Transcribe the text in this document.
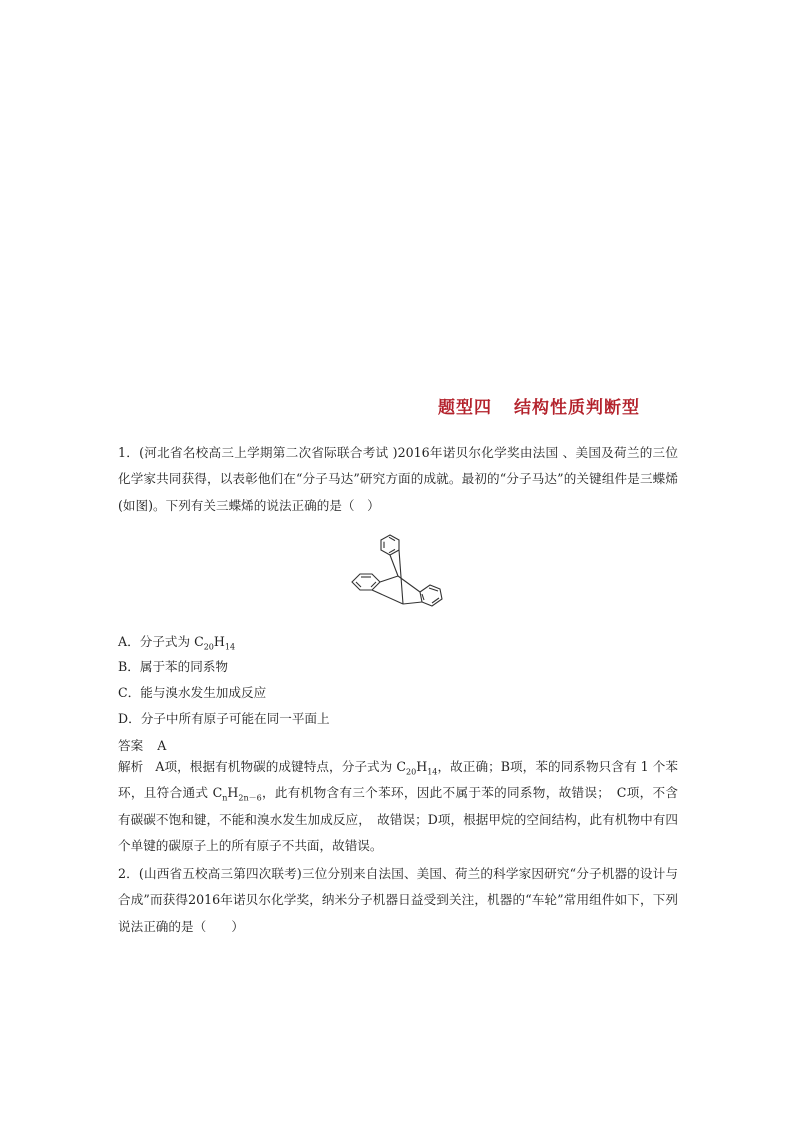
题型四 结构性质判断型
1．(河北省名校高三上学期第二次省际联合考试 )2016年诺贝尔化学奖由法国 、美国及荷兰的三位化学家共同获得，以表彰他们在“分子马达”研究方面的成就。最初的“分子马达”的关键组件是三蝶烯(如图)。下列有关三蝶烯的说法正确的是（　）
A．分子式为 $C_{20}H_{14}$
B．属于苯的同系物
C．能与溴水发生加成反应
D．分子中所有原子可能在同一平面上
答案 A
解析 A项，根据有机物碳的成键特点，分子式为 $C_{20}H_{14}$，故正确；B项，苯的同系物只含有 1 个苯环，且符合通式 $C_nH_{2n-6}$，此有机物含有三个苯环，因此不属于苯的同系物，故错误；　C项，不含有碳碳不饱和键，不能和溴水发生加成反应，　故错误；D项，根据甲烷的空间结构，此有机物中有四个单键的碳原子上的所有原子不共面，故错误。
2．(山西省五校高三第四次联考)三位分别来自法国、美国、荷兰的科学家因研究“分子机器的设计与合成”而获得2016年诺贝尔化学奖，纳米分子机器日益受到关注，机器的“车轮”常用组件如下，下列说法正确的是（　　）
